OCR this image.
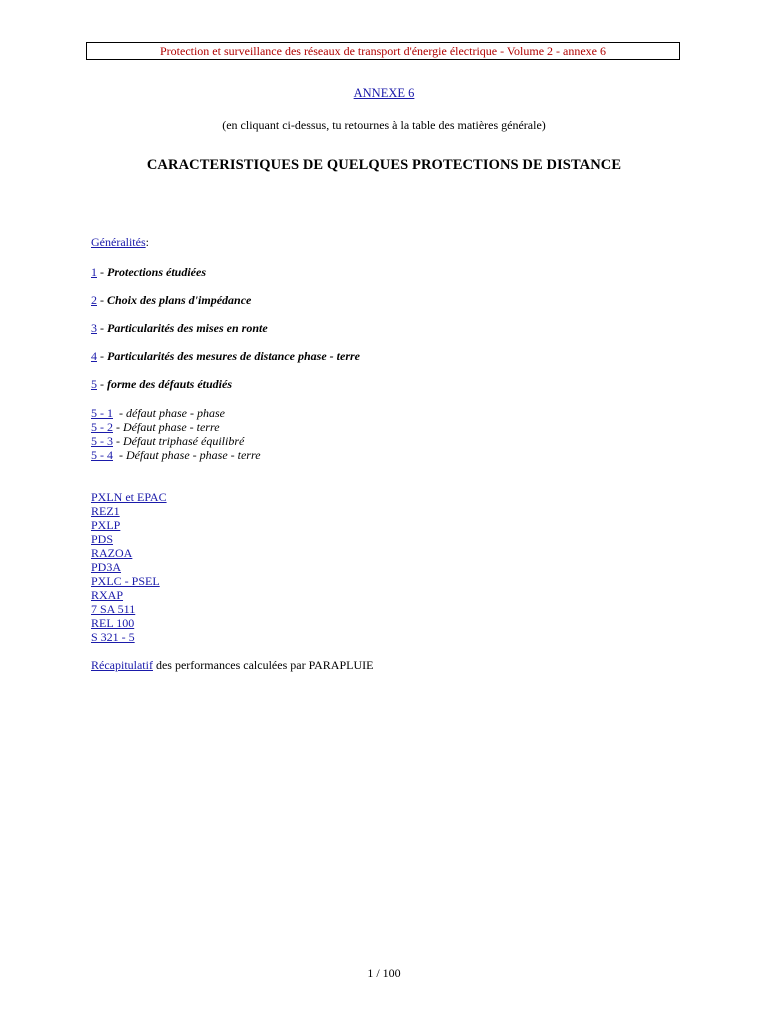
Protection et surveillance des réseaux de transport d'énergie électrique - Volume 2 - annexe 6
ANNEXE 6
(en cliquant ci-dessus, tu retournes à la table des matières générale)
CARACTERISTIQUES DE QUELQUES PROTECTIONS DE DISTANCE
Généralités:
1 - Protections étudiées
2 - Choix des plans d'impédance
3 - Particularités des mises en ronte
4 - Particularités des mesures de distance phase - terre
5 - forme des défauts étudiés
5 - 1  - défaut phase - phase
5 - 2 - Défaut phase - terre
5 - 3 - Défaut triphasé équilibré
5 - 4  - Défaut phase - phase - terre
PXLN et EPAC
REZ1
PXLP
PDS
RAZOA
PD3A
PXLC - PSEL
RXAP
7 SA 511
REL 100
S 321 - 5
Récapitulatif des performances calculées par PARAPLUIE
1 / 100
